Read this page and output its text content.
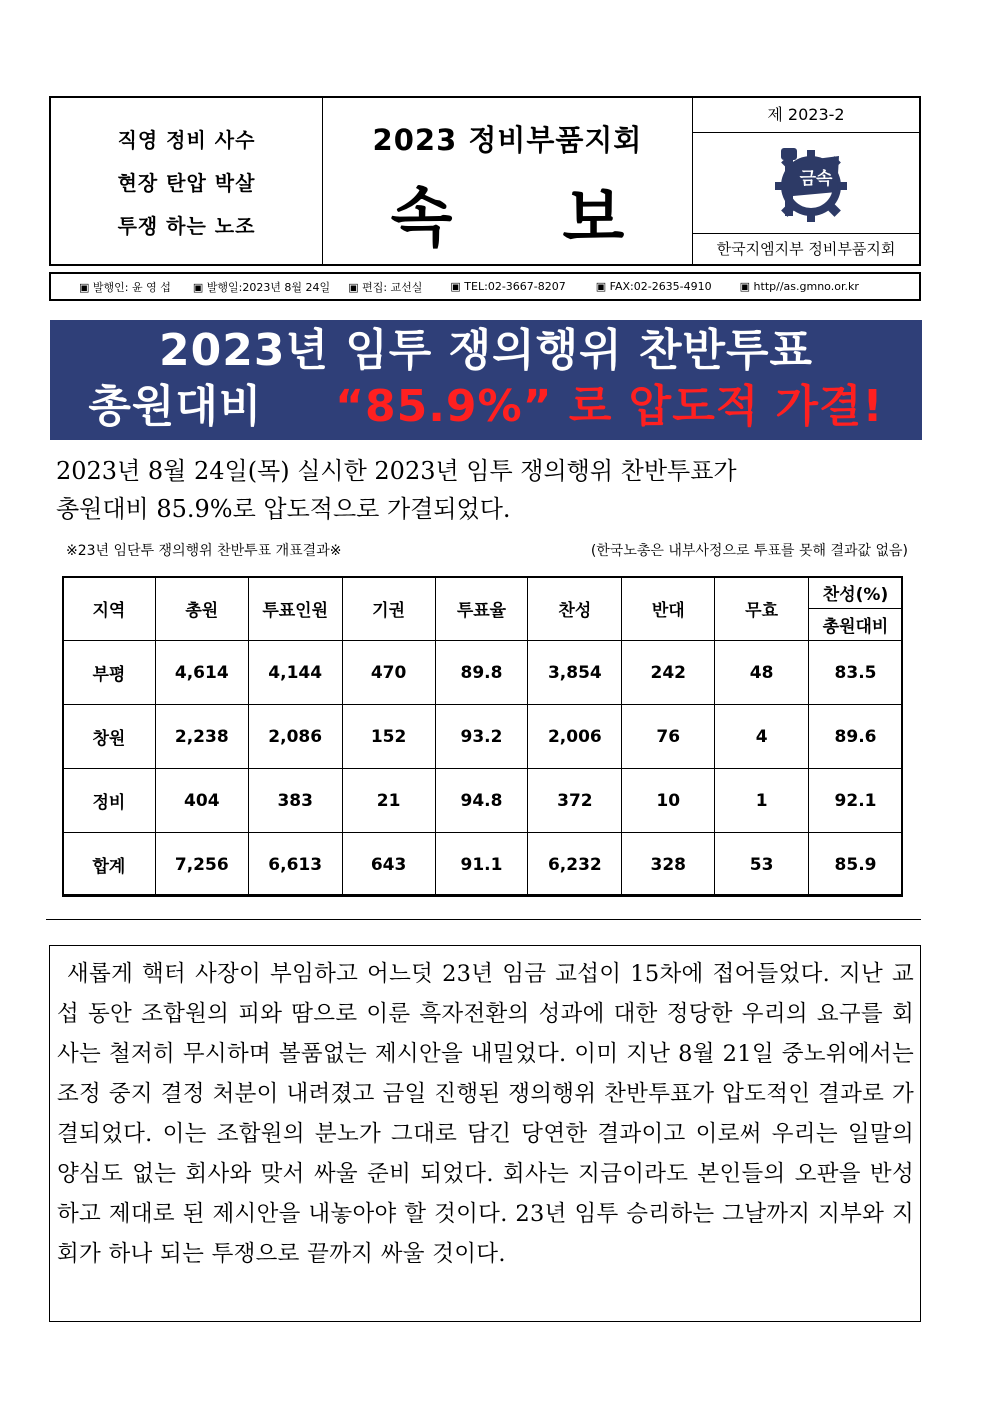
직영 정비 사수
현장 탄압 박살
투쟁 하는 노조
2023 정비부품지회
속 보
제 2023-2
금속
한국지엠지부 정비부품지회
▣ 발행인: 윤 영 섭 ▣ 발행일:2023년 8월 24일 ▣ 편집: 교선실	▣ TEL:02-3667-8207	▣ FAX:02-2635-4910	▣ http//as.gmno.or.kr
2023년 임투 쟁의행위 찬반투표
총원대비 “85.9%” 로 압도적 가결!
2023년 8월 24일(목) 실시한 2023년 임투 쟁의행위 찬반투표가
총원대비 85.9%로 압도적으로 가결되었다.
※23년 임단투 쟁의행위 찬반투표 개표결과※	(한국노총은 내부사정으로 투표를 못해 결과값 없음)
지역	총원	투표인원	기권	투표율	찬성	반대	무효	찬성(%)
								총원대비
부평	4,614	4,144	470	89.8	3,854	242	48	83.5
창원	2,238	2,086	152	93.2	2,006	76	4	89.6
정비	404	383	21	94.8	372	10	1	92.1
합계	7,256	6,613	643	91.1	6,232	328	53	85.9

새롭게 핵터 사장이 부임하고 어느덧 23년 임금 교섭이 15차에 접어들었다. 지난 교섭 동안 조합원의 피와 땀으로 이룬 흑자전환의 성과에 대한 정당한 우리의 요구를 회사는 철저히 무시하며 볼품없는 제시안을 내밀었다. 이미 지난 8월 21일 중노위에서는 조정 중지 결정 처분이 내려졌고 금일 진행된 쟁의행위 찬반투표가 압도적인 결과로 가결되었다. 이는 조합원의 분노가 그대로 담긴 당연한 결과이고 이로써 우리는 일말의 양심도 없는 회사와 맞서 싸울 준비 되었다. 회사는 지금이라도 본인들의 오판을 반성하고 제대로 된 제시안을 내놓아야 할 것이다. 23년 임투 승리하는 그날까지 지부와 지회가 하나 되는 투쟁으로 끝까지 싸울 것이다.
